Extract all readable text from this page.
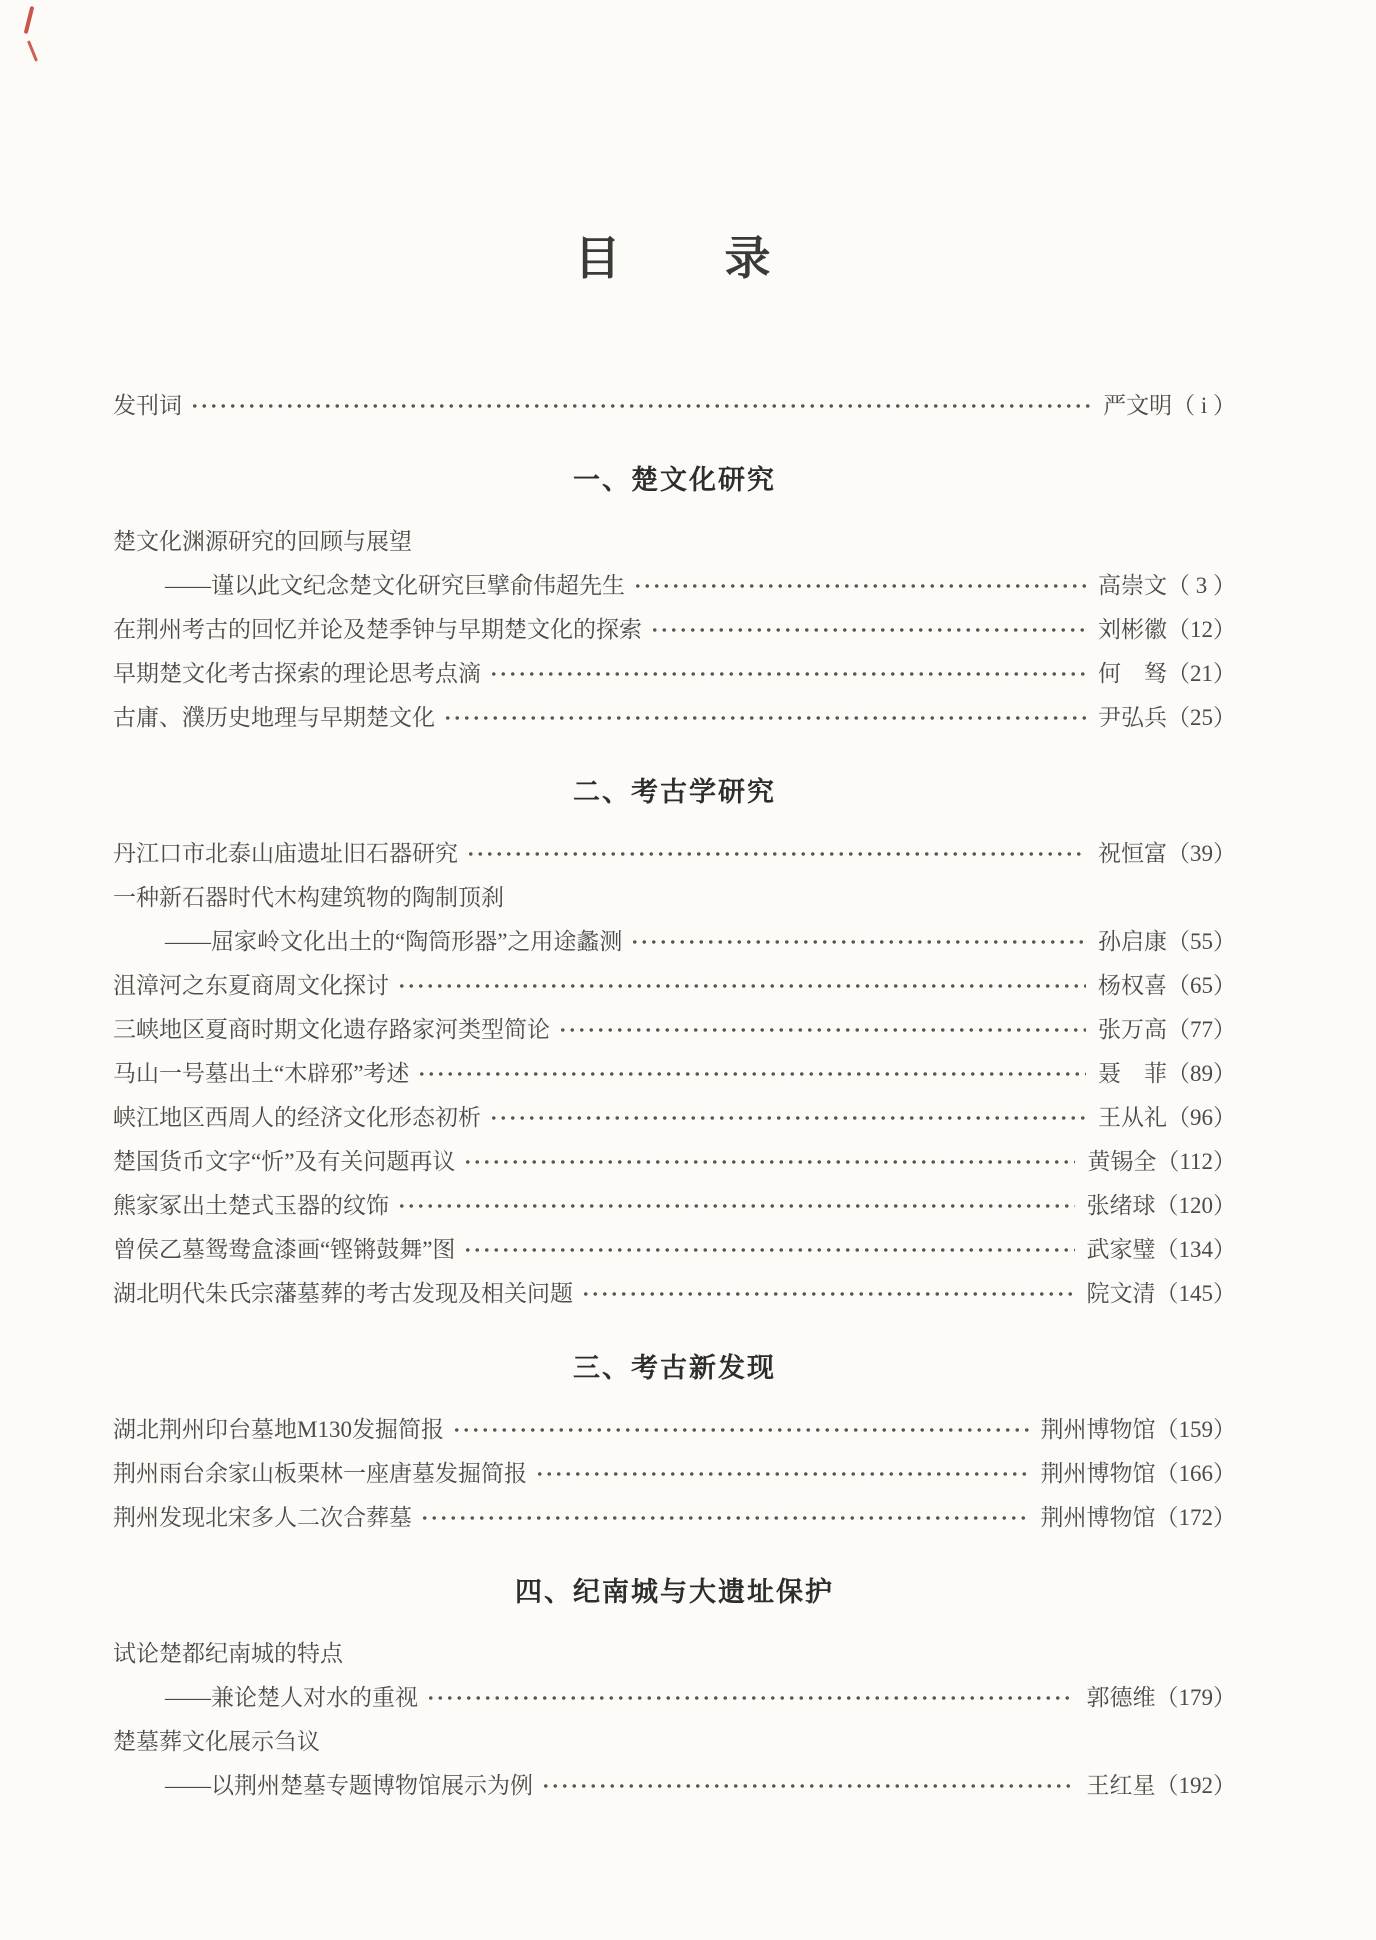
目　　录
发刊词	严文明 （ i ）
一、楚文化研究
楚文化渊源研究的回顾与展望
——谨以此文纪念楚文化研究巨擘俞伟超先生	高崇文 （ 3 ）
在荆州考古的回忆并论及楚季钟与早期楚文化的探索	刘彬徽 （12）
早期楚文化考古探索的理论思考点滴	何　驽 （21）
古庸、濮历史地理与早期楚文化	尹弘兵 （25）
二、考古学研究
丹江口市北泰山庙遗址旧石器研究	祝恒富 （39）
一种新石器时代木构建筑物的陶制顶刹
——屈家岭文化出土的“陶筒形器”之用途蠡测	孙启康 （55）
沮漳河之东夏商周文化探讨	杨权喜 （65）
三峡地区夏商时期文化遗存路家河类型简论	张万高 （77）
马山一号墓出土“木辟邪”考述	聂　菲 （89）
峡江地区西周人的经济文化形态初析	王从礼 （96）
楚国货币文字“忻”及有关问题再议	黄锡全 （112）
熊家冢出土楚式玉器的纹饰	张绪球 （120）
曾侯乙墓鸳鸯盒漆画“铿锵鼓舞”图	武家璧 （134）
湖北明代朱氏宗藩墓葬的考古发现及相关问题	院文清 （145）
三、考古新发现
湖北荆州印台墓地M130发掘简报	荆州博物馆 （159）
荆州雨台余家山板栗林一座唐墓发掘简报	荆州博物馆 （166）
荆州发现北宋多人二次合葬墓	荆州博物馆 （172）
四、纪南城与大遗址保护
试论楚都纪南城的特点
——兼论楚人对水的重视	郭德维 （179）
楚墓葬文化展示刍议
——以荆州楚墓专题博物馆展示为例	王红星 （192）
